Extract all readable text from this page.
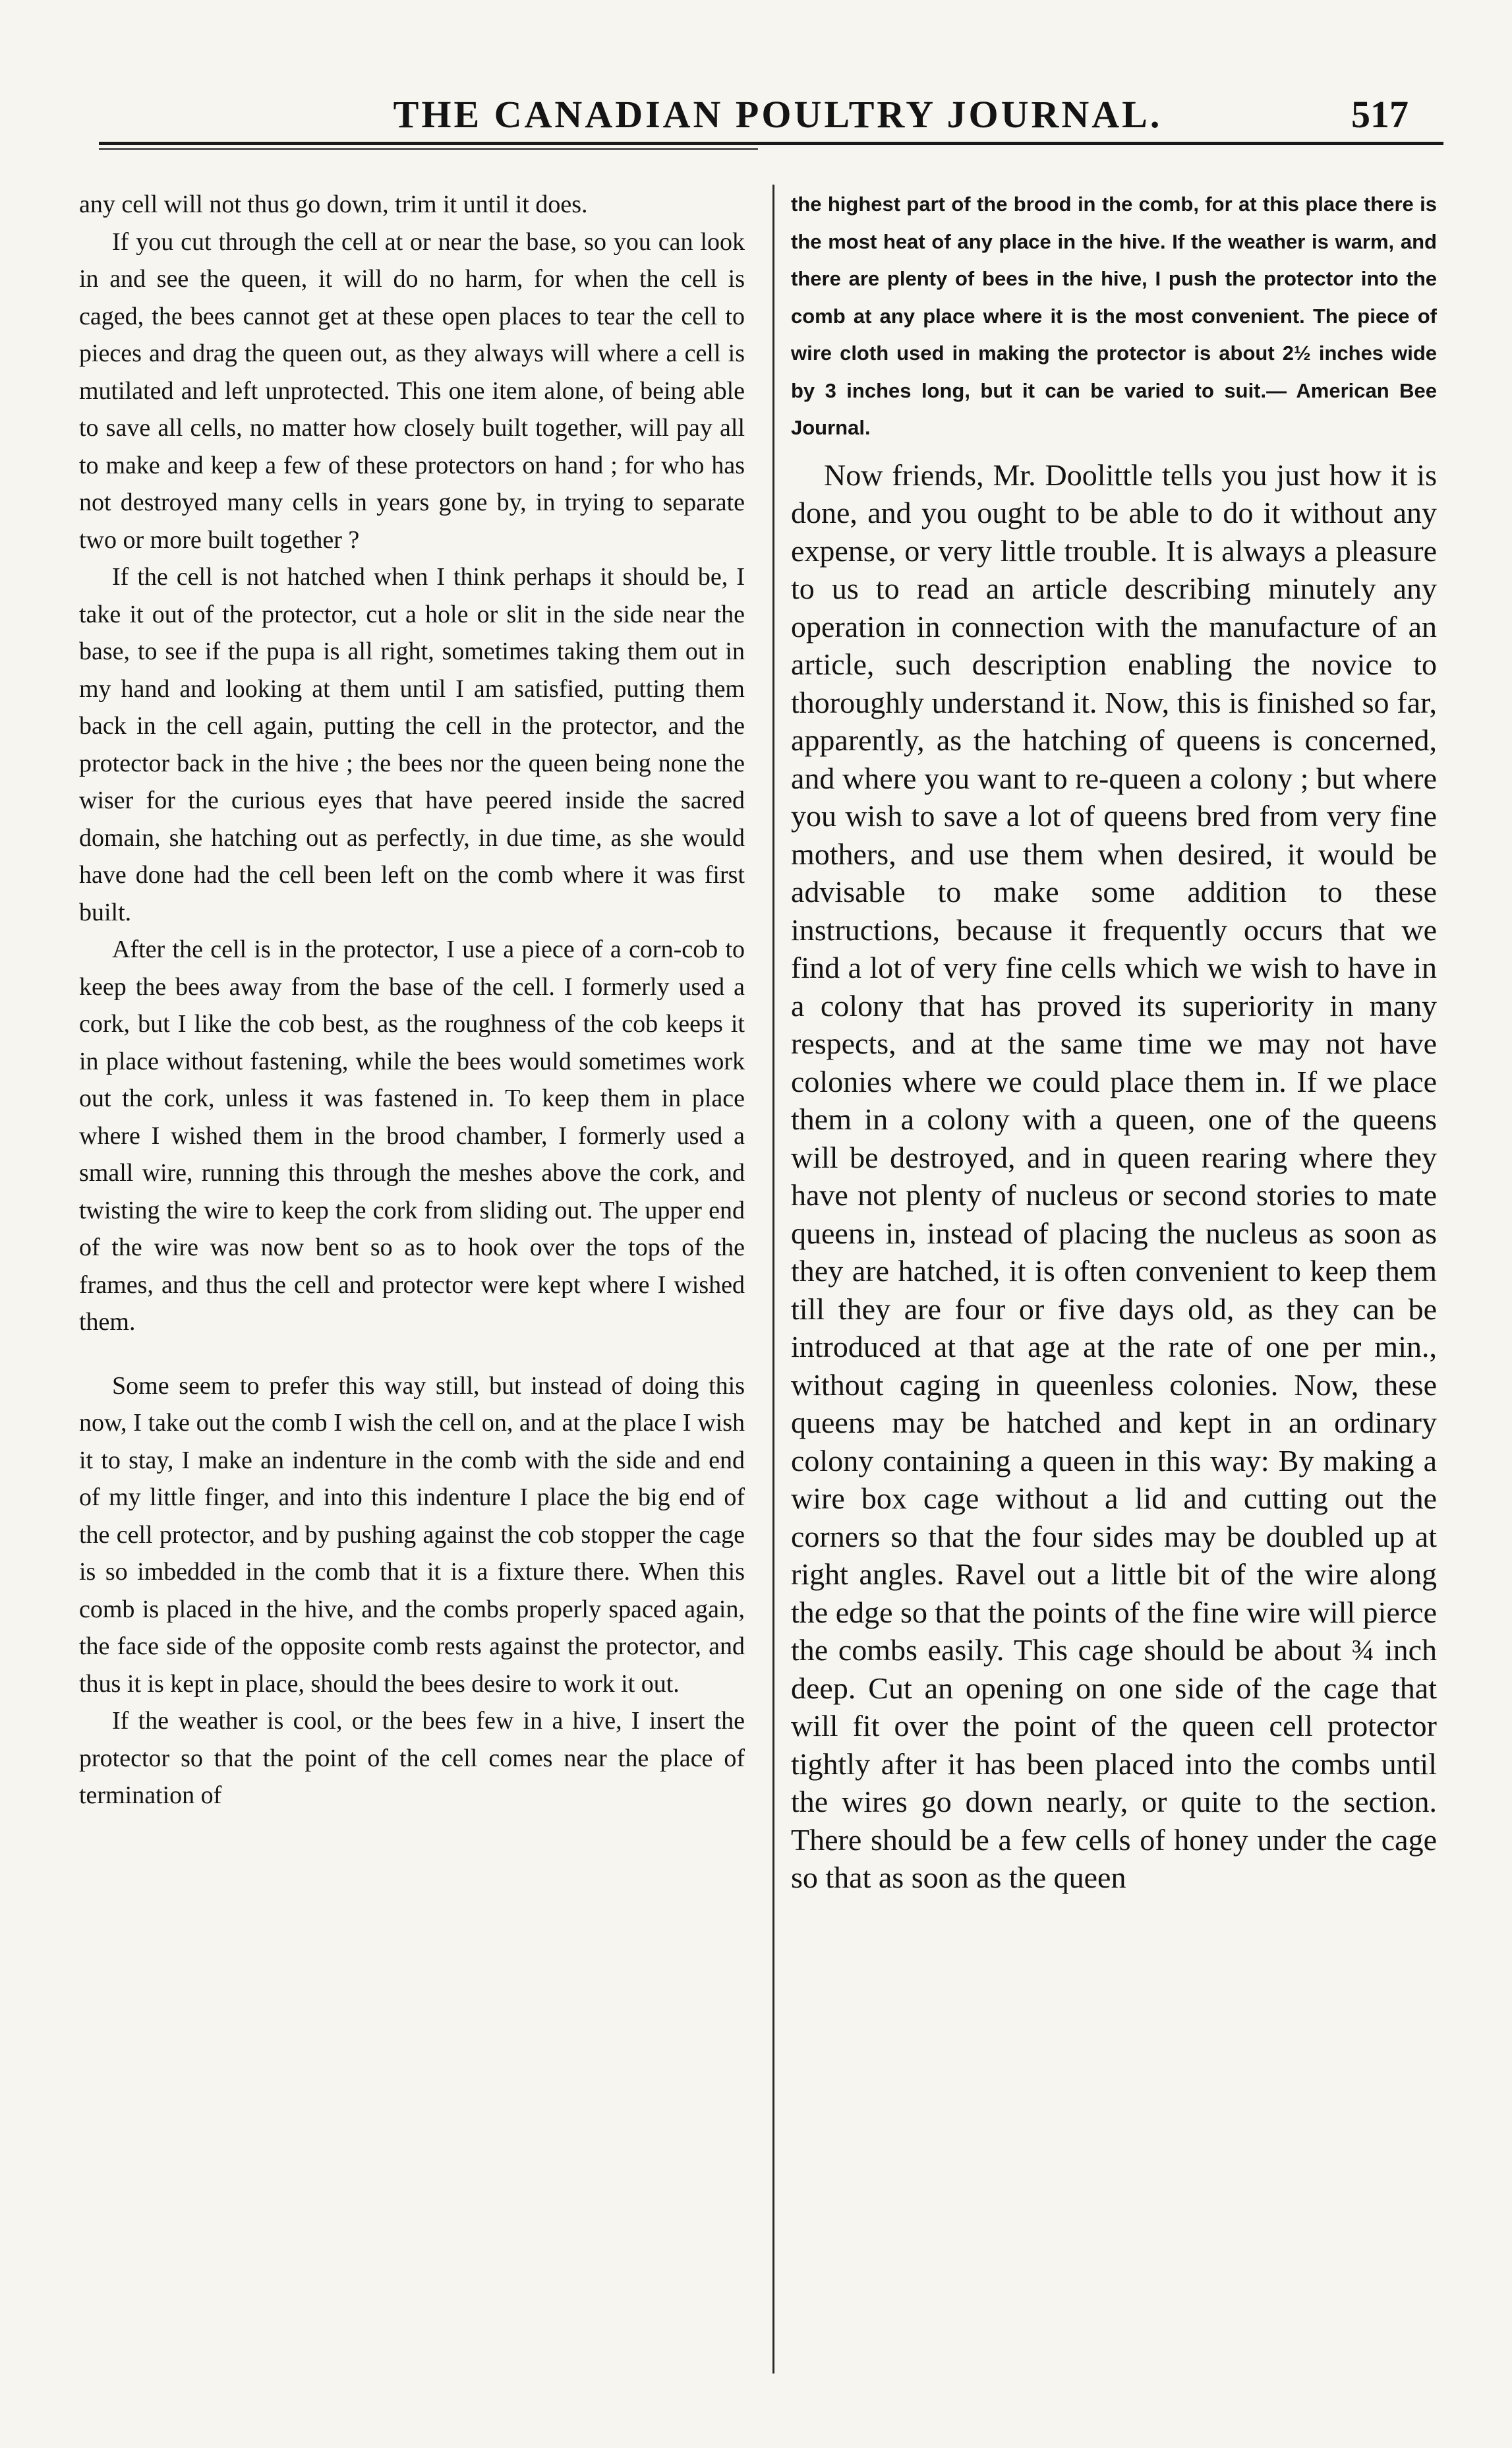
THE CANADIAN POULTRY JOURNAL.	517

any cell will not thus go down, trim it until it does.

If you cut through the cell at or near the base, so you can look in and see the queen, it will do no harm, for when the cell is caged, the bees cannot get at these open places to tear the cell to pieces and drag the queen out, as they always will where a cell is mutilated and left unprotected. This one item alone, of being able to save all cells, no matter how closely built together, will pay all to make and keep a few of these protectors on hand ; for who has not destroyed many cells in years gone by, in trying to separate two or more built together ?

If the cell is not hatched when I think perhaps it should be, I take it out of the protector, cut a hole or slit in the side near the base, to see if the pupa is all right, sometimes taking them out in my hand and looking at them until I am satisfied, putting them back in the cell again, putting the cell in the protector, and the protector back in the hive ; the bees nor the queen being none the wiser for the curious eyes that have peered inside the sacred domain, she hatching out as perfectly, in due time, as she would have done had the cell been left on the comb where it was first built.

After the cell is in the protector, I use a piece of a corn-cob to keep the bees away from the base of the cell. I formerly used a cork, but I like the cob best, as the roughness of the cob keeps it in place without fastening, while the bees would sometimes work out the cork, unless it was fastened in. To keep them in place where I wished them in the brood chamber, I formerly used a small wire, running this through the meshes above the cork, and twisting the wire to keep the cork from sliding out. The upper end of the wire was now bent so as to hook over the tops of the frames, and thus the cell and protector were kept where I wished them.

Some seem to prefer this way still, but instead of doing this now, I take out the comb I wish the cell on, and at the place I wish it to stay, I make an indenture in the comb with the side and end of my little finger, and into this indenture I place the big end of the cell protector, and by pushing against the cob stopper the cage is so imbedded in the comb that it is a fixture there. When this comb is placed in the hive, and the combs properly spaced again, the face side of the opposite comb rests against the protector, and thus it is kept in place, should the bees desire to work it out.

If the weather is cool, or the bees few in a hive, I insert the protector so that the point of the cell comes near the place of termination of

the highest part of the brood in the comb, for at this place there is the most heat of any place in the hive. If the weather is warm, and there are plenty of bees in the hive, I push the protector into the comb at any place where it is the most convenient. The piece of wire cloth used in making the protector is about 2½ inches wide by 3 inches long, but it can be varied to suit.— American Bee Journal.

Now friends, Mr. Doolittle tells you just how it is done, and you ought to be able to do it without any expense, or very little trouble. It is always a pleasure to us to read an article describing minutely any operation in connection with the manufacture of an article, such description enabling the novice to thoroughly understand it. Now, this is finished so far, apparently, as the hatching of queens is concerned, and where you want to re-queen a colony ; but where you wish to save a lot of queens bred from very fine mothers, and use them when desired, it would be advisable to make some addition to these instructions, because it frequently occurs that we find a lot of very fine cells which we wish to have in a colony that has proved its superiority in many respects, and at the same time we may not have colonies where we could place them in. If we place them in a colony with a queen, one of the queens will be destroyed, and in queen rearing where they have not plenty of nucleus or second stories to mate queens in, instead of placing the nucleus as soon as they are hatched, it is often convenient to keep them till they are four or five days old, as they can be introduced at that age at the rate of one per min., without caging in queenless colonies. Now, these queens may be hatched and kept in an ordinary colony containing a queen in this way: By making a wire box cage without a lid and cutting out the corners so that the four sides may be doubled up at right angles. Ravel out a little bit of the wire along the edge so that the points of the fine wire will pierce the combs easily. This cage should be about ¾ inch deep. Cut an opening on one side of the cage that will fit over the point of the queen cell protector tightly after it has been placed into the combs until the wires go down nearly, or quite to the section. There should be a few cells of honey under the cage so that as soon as the queen
